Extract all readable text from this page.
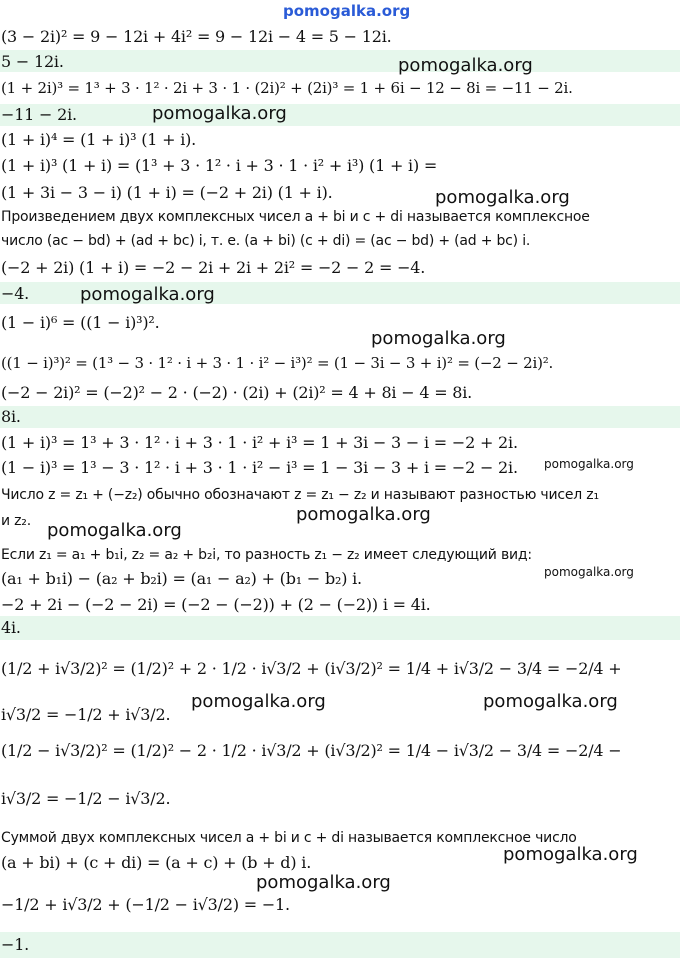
pomogalka.org
(3 − 2i)² = 9 − 12i + 4i² = 9 − 12i − 4 = 5 − 12i.
5 − 12i.	pomogalka.org
(1 + 2i)³ = 1³ + 3 · 1² · 2i + 3 · 1 · (2i)² + (2i)³ = 1 + 6i − 12 − 8i = −11 − 2i.
−11 − 2i.	pomogalka.org
(1 + i)⁴ = (1 + i)³ (1 + i).
(1 + i)³ (1 + i) = (1³ + 3 · 1² · i + 3 · 1 · i² + i³) (1 + i) =
(1 + 3i − 3 − i) (1 + i) = (−2 + 2i) (1 + i).	pomogalka.org
Произведением двух комплексных чисел a + bi и c + di называется комплексное
число (ac − bd) + (ad + bc) i, т. е. (a + bi) (c + di) = (ac − bd) + (ad + bc) i.
(−2 + 2i) (1 + i) = −2 − 2i + 2i + 2i² = −2 − 2 = −4.
−4.	pomogalka.org
(1 − i)⁶ = ((1 − i)³)².
pomogalka.org
((1 − i)³)² = (1³ − 3 · 1² · i + 3 · 1 · i² − i³)² = (1 − 3i − 3 + i)² = (−2 − 2i)².
(−2 − 2i)² = (−2)² − 2 · (−2) · (2i) + (2i)² = 4 + 8i − 4 = 8i.
8i.
(1 + i)³ = 1³ + 3 · 1² · i + 3 · 1 · i² + i³ = 1 + 3i − 3 − i = −2 + 2i.
(1 − i)³ = 1³ − 3 · 1² · i + 3 · 1 · i² − i³ = 1 − 3i − 3 + i = −2 − 2i. pomogalka.org
Число z = z₁ + (−z₂) обычно обозначают z = z₁ − z₂ и называют разностью чисел z₁
и z₂.	pomogalka.org
pomogalka.org
Если z₁ = a₁ + b₁i, z₂ = a₂ + b₂i, то разность z₁ − z₂ имеет следующий вид:
(a₁ + b₁i) − (a₂ + b₂i) = (a₁ − a₂) + (b₁ − b₂) i.	pomogalka.org
−2 + 2i − (−2 − 2i) = (−2 − (−2)) + (2 − (−2)) i = 4i.
4i.
(1/2 + i√3/2)² = (1/2)² + 2 · 1/2 · i√3/2 + (i√3/2)² = 1/4 + i√3/2 − 3/4 = −2/4 +
pomogalka.org	pomogalka.org
i√3/2 = −1/2 + i√3/2.
(1/2 − i√3/2)² = (1/2)² − 2 · 1/2 · i√3/2 + (i√3/2)² = 1/4 − i√3/2 − 3/4 = −2/4 −
i√3/2 = −1/2 − i√3/2.
Суммой двух комплексных чисел a + bi и c + di называется комплексное число
(a + bi) + (c + di) = (a + c) + (b + d) i.	pomogalka.org
pomogalka.org
−1/2 + i√3/2 + (−1/2 − i√3/2) = −1.
−1.
